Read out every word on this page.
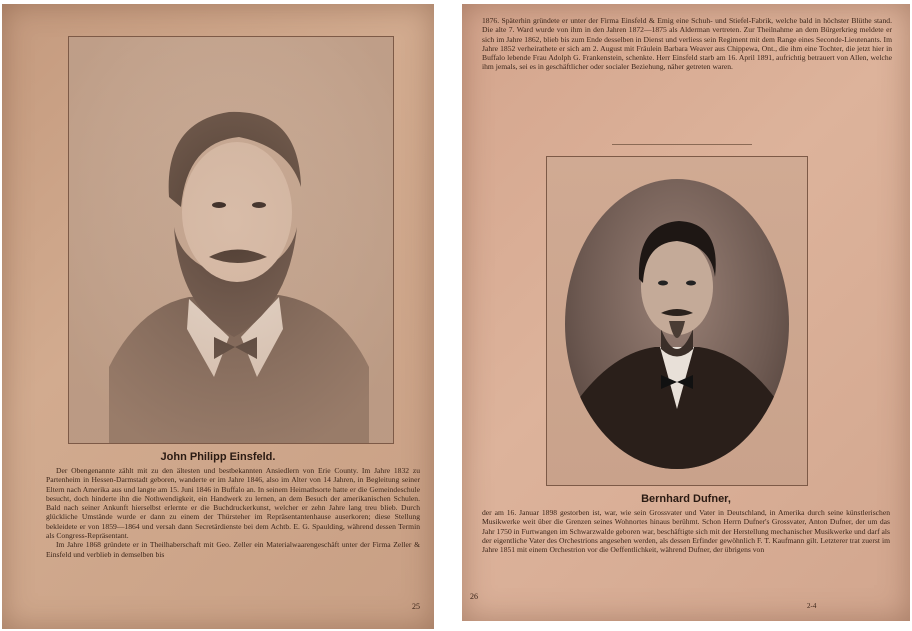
John Philipp Einsfeld.

Der Obengenannte zählt mit zu den ältesten und bestbekannten Ansiedlern von Erie County. Im Jahre 1832 zu Partenheim in Hessen-Darmstadt geboren, wanderte er im Jahre 1846, also im Alter von 14 Jahren, in Begleitung seiner Eltern nach Amerika aus und langte am 15. Juni 1846 in Buffalo an. In seinem Heimathsorte hatte er die Gemeindeschule besucht, doch hinderte ihn die Nothwendigkeit, ein Handwerk zu lernen, an dem Besuch der amerikanischen Schulen. Bald nach seiner Ankunft hierselbst erlernte er die Buchdruckerkunst, welcher er zehn Jahre lang treu blieb. Durch glückliche Umstände wurde er dann zu einem der Thürsteher im Repräsentantenhause auserkoren; diese Stellung bekleidete er von 1859—1864 und versah dann Secretärdienste bei dem Achtb. E. G. Spaulding, während dessen Termin als Congress-Repräsentant.

Im Jahre 1868 gründete er in Theilhaberschaft mit Geo. Zeller ein Materialwaarengeschäft unter der Firma Zeller & Einsfeld und verblieb in demselben bis

25

1876. Späterhin gründete er unter der Firma Einsfeld & Emig eine Schuh- und Stiefel-Fabrik, welche bald in höchster Blüthe stand. Die alte 7. Ward wurde von ihm in den Jahren 1872—1875 als Alderman vertreten. Zur Theilnahme an dem Bürgerkrieg meldete er sich im Jahre 1862, blieb bis zum Ende desselben in Dienst und verliess sein Regiment mit dem Range eines Seconde-Lieutenants. Im Jahre 1852 verheirathete er sich am 2. August mit Fräulein Barbara Weaver aus Chippewa, Ont., die ihm eine Tochter, die jetzt hier in Buffalo lebende Frau Adolph G. Frankenstein, schenkte. Herr Einsfeld starb am 16. April 1891, aufrichtig betrauert von Allen, welche ihm jemals, sei es in geschäftlicher oder socialer Beziehung, näher getreten waren.

Bernhard Dufner,

der am 16. Januar 1898 gestorben ist, war, wie sein Grossvater und Vater in Deutschland, in Amerika durch seine künstlerischen Musikwerke weit über die Grenzen seines Wohnortes hinaus berühmt. Schon Herrn Dufner's Grossvater, Anton Dufner, der um das Jahr 1750 in Furtwangen im Schwarzwalde geboren war, beschäftigte sich mit der Herstellung mechanischer Musikwerke und darf als der eigentliche Vater des Orchestrions angesehen werden, als dessen Erfinder gewöhnlich F. T. Kaufmann gilt. Letzterer trat zuerst im Jahre 1851 mit einem Orchestrion vor die Oeffentlichkeit, während Dufner, der übrigens von

26
2-4
